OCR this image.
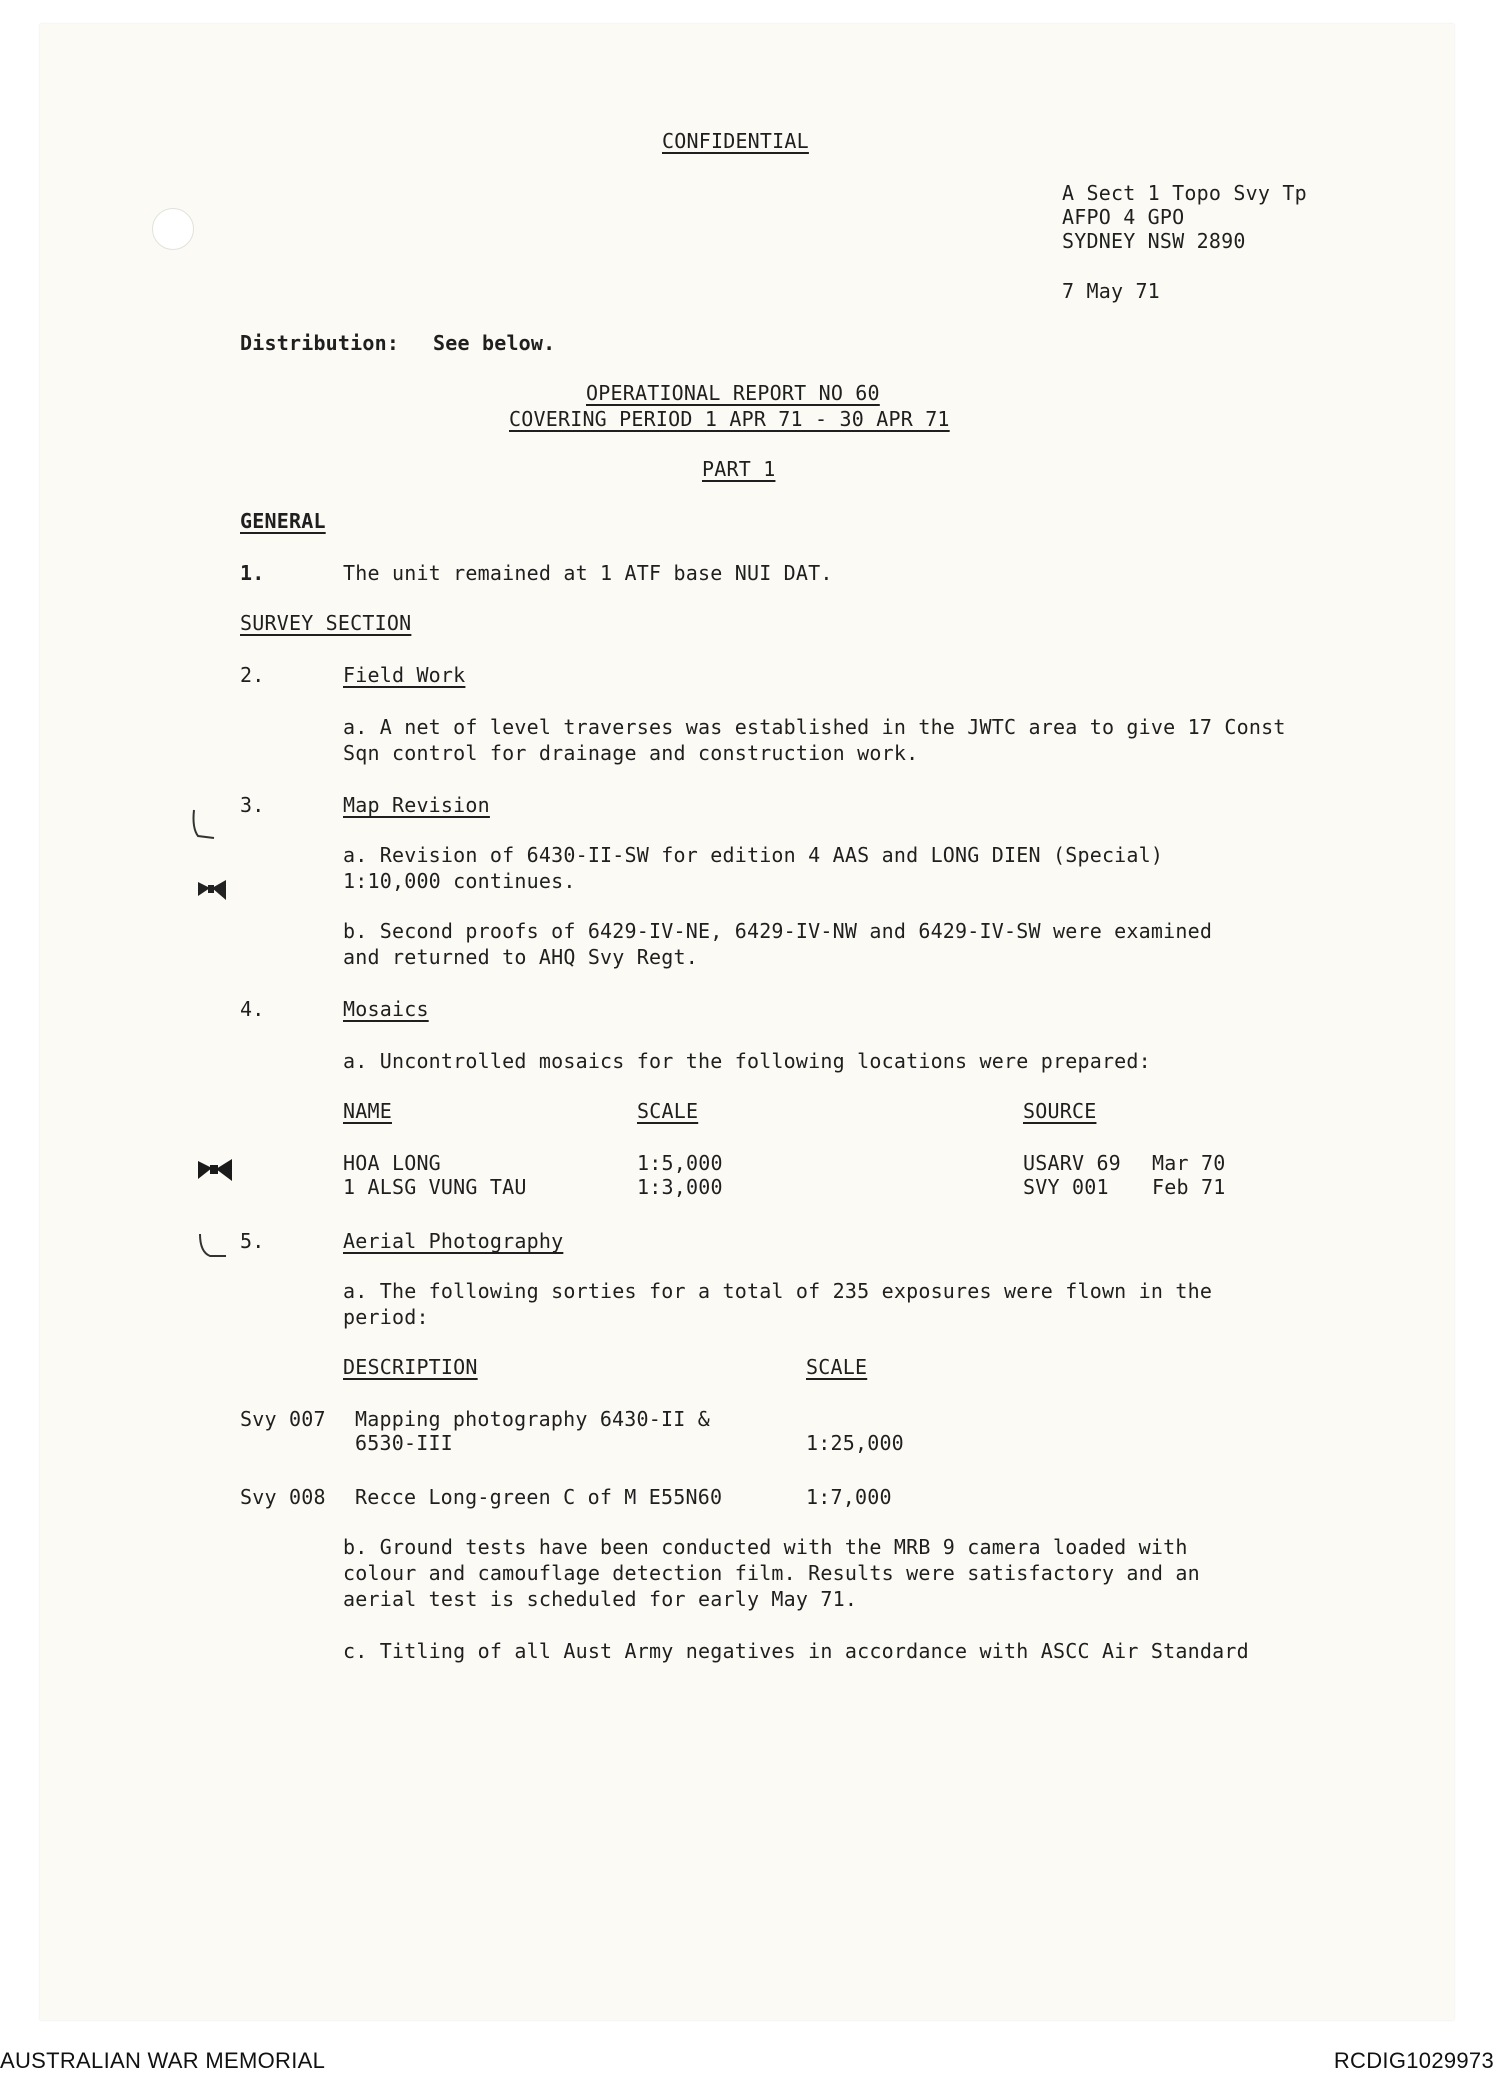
CONFIDENTIAL
A Sect 1 Topo Svy Tp
AFPO 4 GPO
SYDNEY NSW 2890
7 May 71
Distribution: See below.
OPERATIONAL REPORT NO 60
COVERING PERIOD 1 APR 71 - 30 APR 71
PART 1
GENERAL
1.	The unit remained at 1 ATF base NUI DAT.
SURVEY SECTION
2.	Field Work
a. A net of level traverses was established in the JWTC area to give 17 Const
Sqn control for drainage and construction work.
3.	Map Revision
a. Revision of 6430-II-SW for edition 4 AAS and LONG DIEN (Special)
1:10,000 continues.
b. Second proofs of 6429-IV-NE, 6429-IV-NW and 6429-IV-SW were examined
and returned to AHQ Svy Regt.
4.	Mosaics
a. Uncontrolled mosaics for the following locations were prepared:
NAME	SCALE	SOURCE
HOA LONG	1:5,000	USARV 69 Mar 70
1 ALSG VUNG TAU	1:3,000	SVY 001 Feb 71
5.	Aerial Photography
a. The following sorties for a total of 235 exposures were flown in the
period:
DESCRIPTION	SCALE
Svy 007 Mapping photography 6430-II &
6530-III	1:25,000
Svy 008 Recce Long-green C of M E55N60	1:7,000
b. Ground tests have been conducted with the MRB 9 camera loaded with
colour and camouflage detection film. Results were satisfactory and an
aerial test is scheduled for early May 71.
c. Titling of all Aust Army negatives in accordance with ASCC Air Standard
AUSTRALIAN WAR MEMORIAL	RCDIG1029973
